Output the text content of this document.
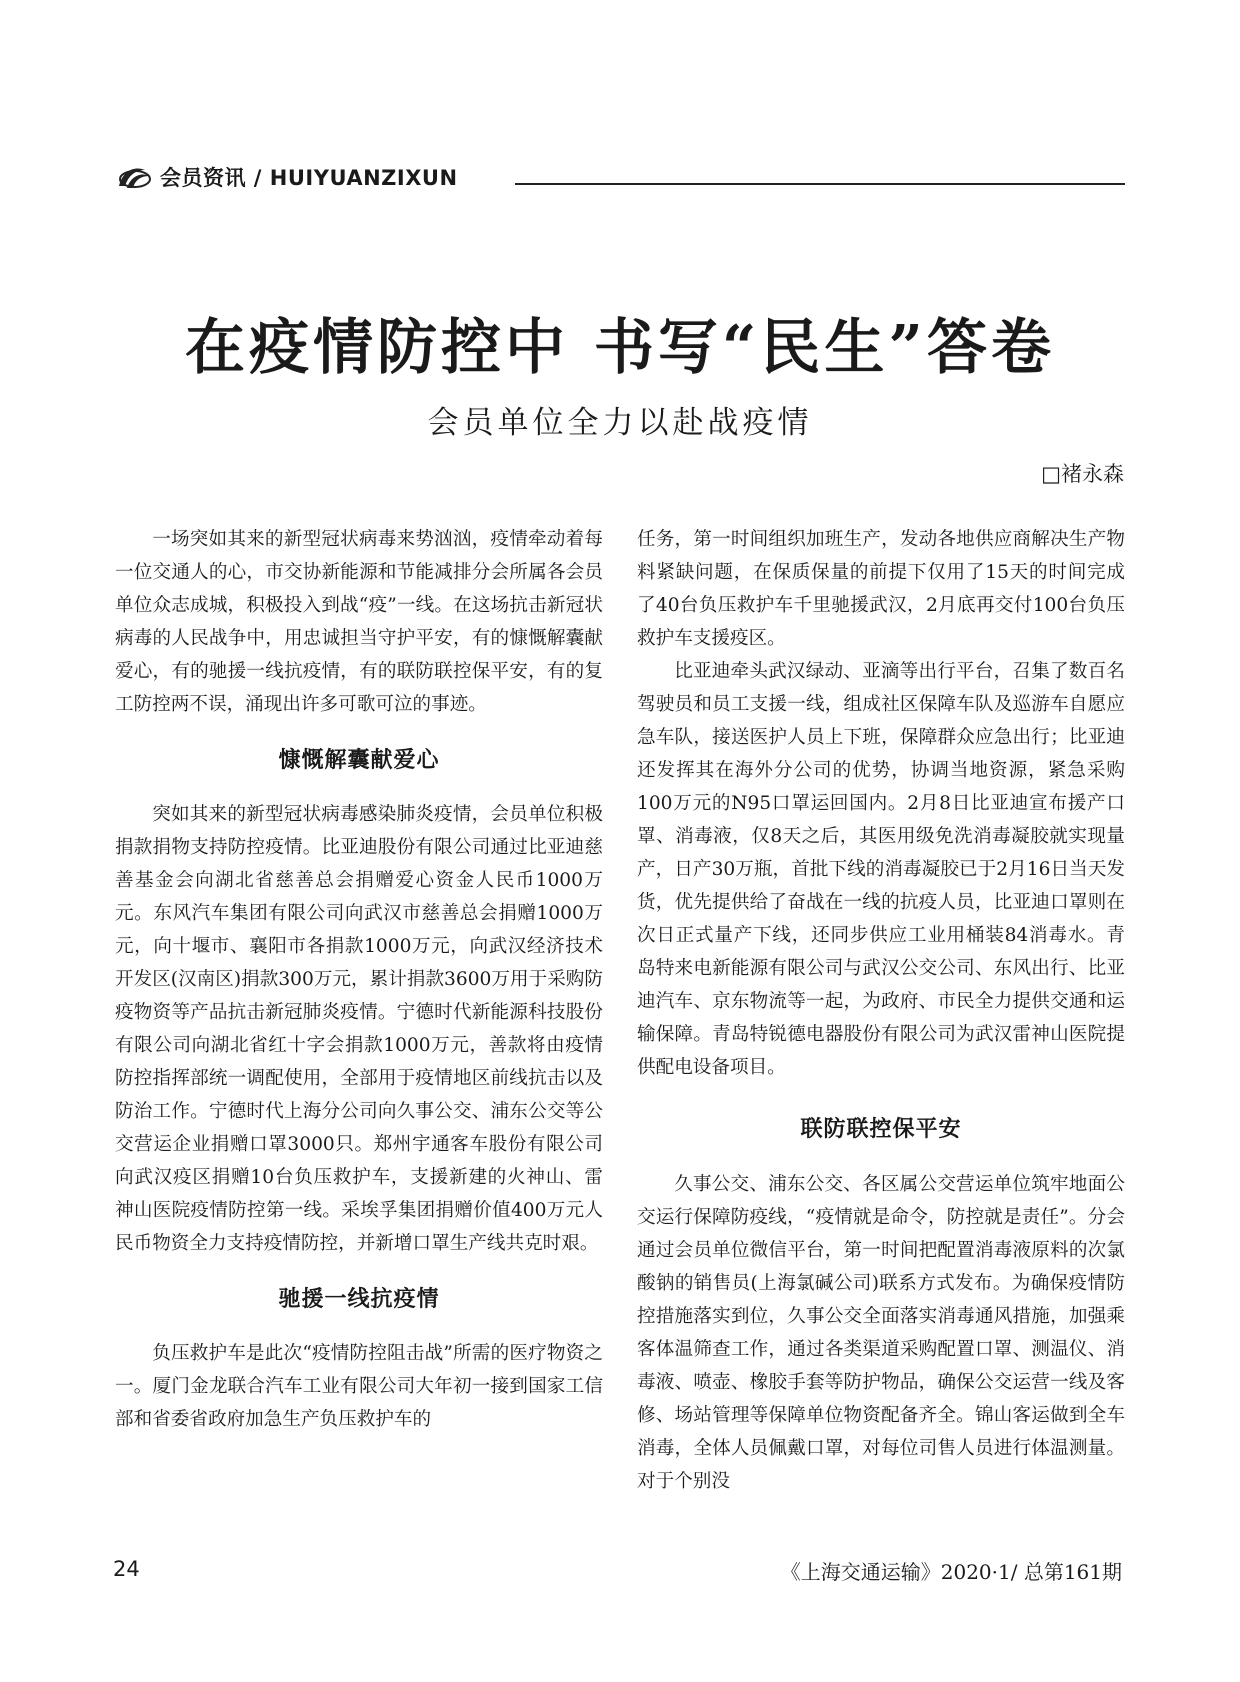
会员资讯 / HUIYUANZIXUN
在疫情防控中 书写“民生”答卷
会员单位全力以赴战疫情
□褚永森

一场突如其来的新型冠状病毒来势汹汹，疫情牵动着每一位交通人的心，市交协新能源和节能减排分会所属各会员单位众志成城，积极投入到战“疫”一线。在这场抗击新冠状病毒的人民战争中，用忠诚担当守护平安，有的慷慨解囊献爱心，有的驰援一线抗疫情，有的联防联控保平安，有的复工防控两不误，涌现出许多可歌可泣的事迹。

慷慨解囊献爱心

突如其来的新型冠状病毒感染肺炎疫情，会员单位积极捐款捐物支持防控疫情。比亚迪股份有限公司通过比亚迪慈善基金会向湖北省慈善总会捐赠爱心资金人民币1000万元。东风汽车集团有限公司向武汉市慈善总会捐赠1000万元，向十堰市、襄阳市各捐款1000万元，向武汉经济技术开发区(汉南区)捐款300万元，累计捐款3600万用于采购防疫物资等产品抗击新冠肺炎疫情。宁德时代新能源科技股份有限公司向湖北省红十字会捐款1000万元，善款将由疫情防控指挥部统一调配使用，全部用于疫情地区前线抗击以及防治工作。宁德时代上海分公司向久事公交、浦东公交等公交营运企业捐赠口罩3000只。郑州宇通客车股份有限公司向武汉疫区捐赠10台负压救护车，支援新建的火神山、雷神山医院疫情防控第一线。采埃孚集团捐赠价值400万元人民币物资全力支持疫情防控，并新增口罩生产线共克时艰。

驰援一线抗疫情

负压救护车是此次“疫情防控阻击战”所需的医疗物资之一。厦门金龙联合汽车工业有限公司大年初一接到国家工信部和省委省政府加急生产负压救护车的

任务，第一时间组织加班生产，发动各地供应商解决生产物料紧缺问题，在保质保量的前提下仅用了15天的时间完成了40台负压救护车千里驰援武汉，2月底再交付100台负压救护车支援疫区。

比亚迪牵头武汉绿动、亚滴等出行平台，召集了数百名驾驶员和员工支援一线，组成社区保障车队及巡游车自愿应急车队，接送医护人员上下班，保障群众应急出行；比亚迪还发挥其在海外分公司的优势，协调当地资源，紧急采购100万元的N95口罩运回国内。2月8日比亚迪宣布援产口罩、消毒液，仅8天之后，其医用级免洗消毒凝胶就实现量产，日产30万瓶，首批下线的消毒凝胶已于2月16日当天发货，优先提供给了奋战在一线的抗疫人员，比亚迪口罩则在次日正式量产下线，还同步供应工业用桶装84消毒水。青岛特来电新能源有限公司与武汉公交公司、东风出行、比亚迪汽车、京东物流等一起，为政府、市民全力提供交通和运输保障。青岛特锐德电器股份有限公司为武汉雷神山医院提供配电设备项目。

联防联控保平安

久事公交、浦东公交、各区属公交营运单位筑牢地面公交运行保障防疫线，“疫情就是命令，防控就是责任”。分会通过会员单位微信平台，第一时间把配置消毒液原料的次氯酸钠的销售员(上海氯碱公司)联系方式发布。为确保疫情防控措施落实到位，久事公交全面落实消毒通风措施，加强乘客体温筛查工作，通过各类渠道采购配置口罩、测温仪、消毒液、喷壶、橡胶手套等防护物品，确保公交运营一线及客修、场站管理等保障单位物资配备齐全。锦山客运做到全车消毒，全体人员佩戴口罩，对每位司售人员进行体温测量。对于个别没

24	《上海交通运输》2020·1/ 总第161期
